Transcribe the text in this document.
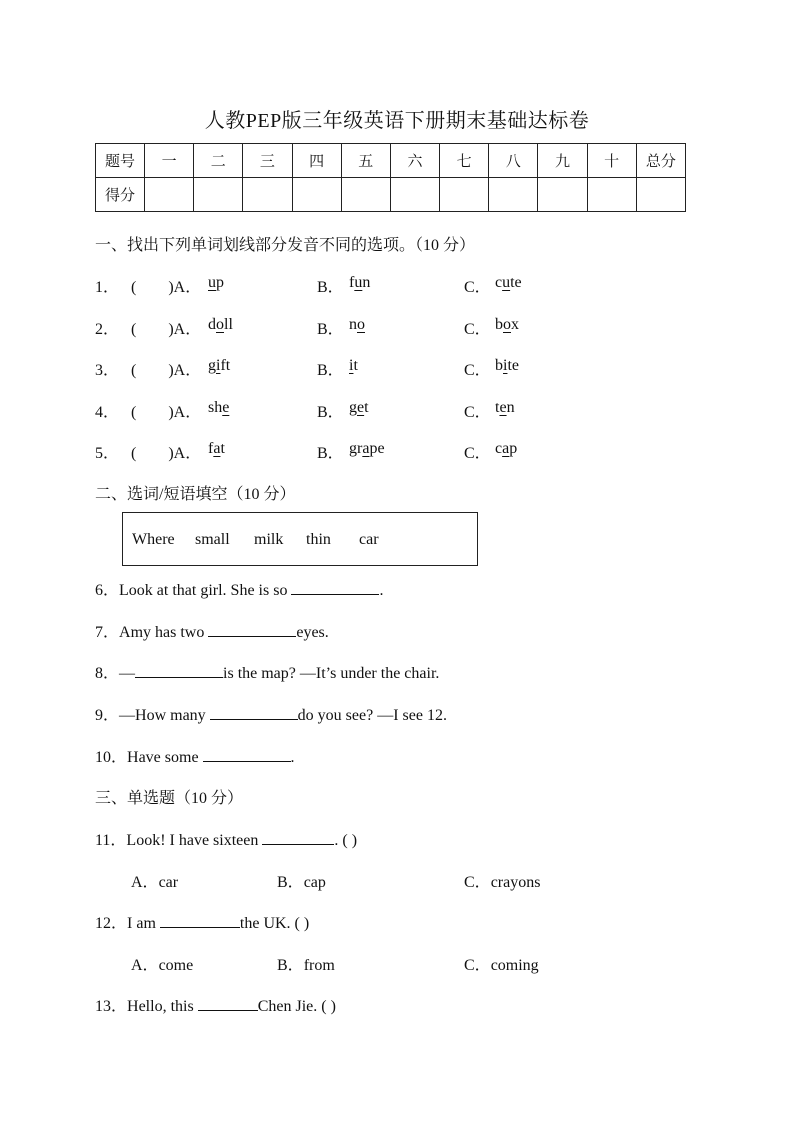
人教PEP版三年级英语下册期末基础达标卷
题号	一	二	三	四	五	六	七	八	九	十	总分
得分											
一、找出下列单词划线部分发音不同的选项。（10 分）
1． (　　)A． up	B． fun	C． cute
2． (　　)A． doll	B． no	C． box
3． (　　)A． gift	B． it	C． bite
4． (　　)A． she	B． get	C． ten
5． (　　)A． fat	B． grape	C． cap
二、选词/短语填空（10 分）
Where small milk thin car
6．Look at that girl. She is so	.
7．Amy has two	eyes.
8．—	is the map? —It’s under the chair.
9．—How many	do you see? —I see 12.
10．Have some	.
三、单选题（10 分）
11．Look! I have sixteen	. ( )
A．car	B．cap	C．crayons
12．I am	the UK. ( )
A．come	B．from	C．coming
13．Hello, this	Chen Jie. ( )
